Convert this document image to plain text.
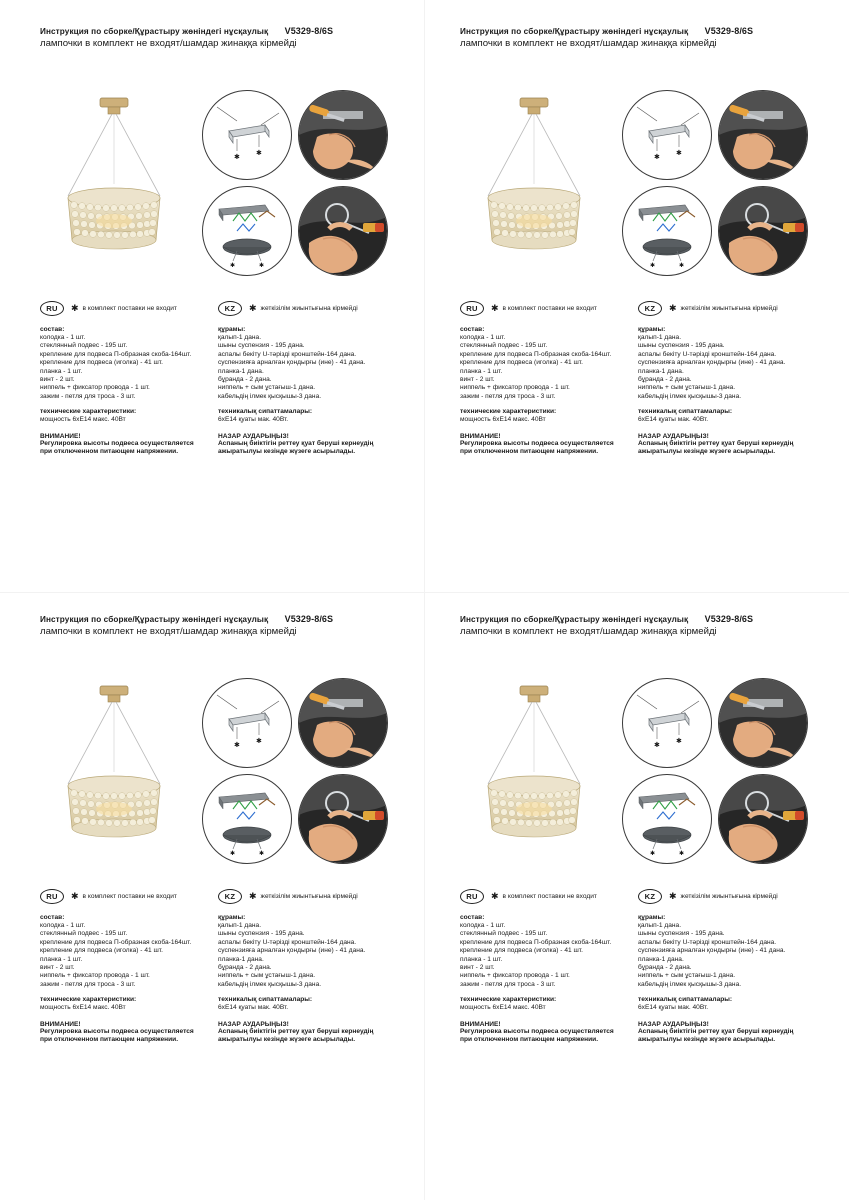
Инструкция по сборке/Құрастыру жөніндегі нұсқаулық V5329-8/6S
лампочки в комплект не входят/шамдар жинаққа кірмейді
✱
✱
✱	✱
RU	✱ в комплект поставки не входит
состав:
колодка - 1 шт.
стеклянный подвес - 195 шт.
крепление для подвеса П-образная скоба-164шт.
крепление для подвеса (иголка) - 41 шт.
планка - 1 шт.
винт - 2 шт.
ниппель + фиксатор провода - 1 шт.
зажим - петля для троса - 3 шт.
технические характеристики:
мощность 6хЕ14 макс. 40Вт
ВНИМАНИЕ!
Регулировка высоты подвеса осуществляется
при отключенном питающем напряжении.
KZ	✱ жеткізілім жиынтығына кірмейді
құрамы:
қалып-1 дана.
шыны суспензия - 195 дана.
аспалы бекіту U-тәрізді кронштейн-164 дана.
суспензияға арналған қондырғы (ине) - 41 дана.
планка-1 дана.
бұранда - 2 дана.
ниппель + сым ұстағыш-1 дана.
кабельдің ілмек қысқышы-3 дана.
техникалық сипаттамалары:
6хЕ14 қуаты мак. 40Вт.
НАЗАР АУДАРЫҢЫЗ!
Аспаның биіктігін реттеу қуат беруші кернеудің
ажыратылуы кезінде жүзеге асырылады.
Инструкция по сборке/Құрастыру жөніндегі нұсқаулық V5329-8/6S
лампочки в комплект не входят/шамдар жинаққа кірмейді
✱
✱
✱	✱
RU	✱ в комплект поставки не входит
состав:
колодка - 1 шт.
стеклянный подвес - 195 шт.
крепление для подвеса П-образная скоба-164шт.
крепление для подвеса (иголка) - 41 шт.
планка - 1 шт.
винт - 2 шт.
ниппель + фиксатор провода - 1 шт.
зажим - петля для троса - 3 шт.
технические характеристики:
мощность 6хЕ14 макс. 40Вт
ВНИМАНИЕ!
Регулировка высоты подвеса осуществляется
при отключенном питающем напряжении.
KZ	✱ жеткізілім жиынтығына кірмейді
құрамы:
қалып-1 дана.
шыны суспензия - 195 дана.
аспалы бекіту U-тәрізді кронштейн-164 дана.
суспензияға арналған қондырғы (ине) - 41 дана.
планка-1 дана.
бұранда - 2 дана.
ниппель + сым ұстағыш-1 дана.
кабельдің ілмек қысқышы-3 дана.
техникалық сипаттамалары:
6хЕ14 қуаты мак. 40Вт.
НАЗАР АУДАРЫҢЫЗ!
Аспаның биіктігін реттеу қуат беруші кернеудің
ажыратылуы кезінде жүзеге асырылады.
Инструкция по сборке/Құрастыру жөніндегі нұсқаулық V5329-8/6S
лампочки в комплект не входят/шамдар жинаққа кірмейді
✱
✱
✱	✱
RU	✱ в комплект поставки не входит
состав:
колодка - 1 шт.
стеклянный подвес - 195 шт.
крепление для подвеса П-образная скоба-164шт.
крепление для подвеса (иголка) - 41 шт.
планка - 1 шт.
винт - 2 шт.
ниппель + фиксатор провода - 1 шт.
зажим - петля для троса - 3 шт.
технические характеристики:
мощность 6хЕ14 макс. 40Вт
ВНИМАНИЕ!
Регулировка высоты подвеса осуществляется
при отключенном питающем напряжении.
KZ	✱ жеткізілім жиынтығына кірмейді
құрамы:
қалып-1 дана.
шыны суспензия - 195 дана.
аспалы бекіту U-тәрізді кронштейн-164 дана.
суспензияға арналған қондырғы (ине) - 41 дана.
планка-1 дана.
бұранда - 2 дана.
ниппель + сым ұстағыш-1 дана.
кабельдің ілмек қысқышы-3 дана.
техникалық сипаттамалары:
6хЕ14 қуаты мак. 40Вт.
НАЗАР АУДАРЫҢЫЗ!
Аспаның биіктігін реттеу қуат беруші кернеудің
ажыратылуы кезінде жүзеге асырылады.
Инструкция по сборке/Құрастыру жөніндегі нұсқаулық V5329-8/6S
лампочки в комплект не входят/шамдар жинаққа кірмейді
✱
✱
✱	✱
RU	✱ в комплект поставки не входит
состав:
колодка - 1 шт.
стеклянный подвес - 195 шт.
крепление для подвеса П-образная скоба-164шт.
крепление для подвеса (иголка) - 41 шт.
планка - 1 шт.
винт - 2 шт.
ниппель + фиксатор провода - 1 шт.
зажим - петля для троса - 3 шт.
технические характеристики:
мощность 6хЕ14 макс. 40Вт
ВНИМАНИЕ!
Регулировка высоты подвеса осуществляется
при отключенном питающем напряжении.
KZ	✱ жеткізілім жиынтығына кірмейді
құрамы:
қалып-1 дана.
шыны суспензия - 195 дана.
аспалы бекіту U-тәрізді кронштейн-164 дана.
суспензияға арналған қондырғы (ине) - 41 дана.
планка-1 дана.
бұранда - 2 дана.
ниппель + сым ұстағыш-1 дана.
кабельдің ілмек қысқышы-3 дана.
техникалық сипаттамалары:
6хЕ14 қуаты мак. 40Вт.
НАЗАР АУДАРЫҢЫЗ!
Аспаның биіктігін реттеу қуат беруші кернеудің
ажыратылуы кезінде жүзеге асырылады.
